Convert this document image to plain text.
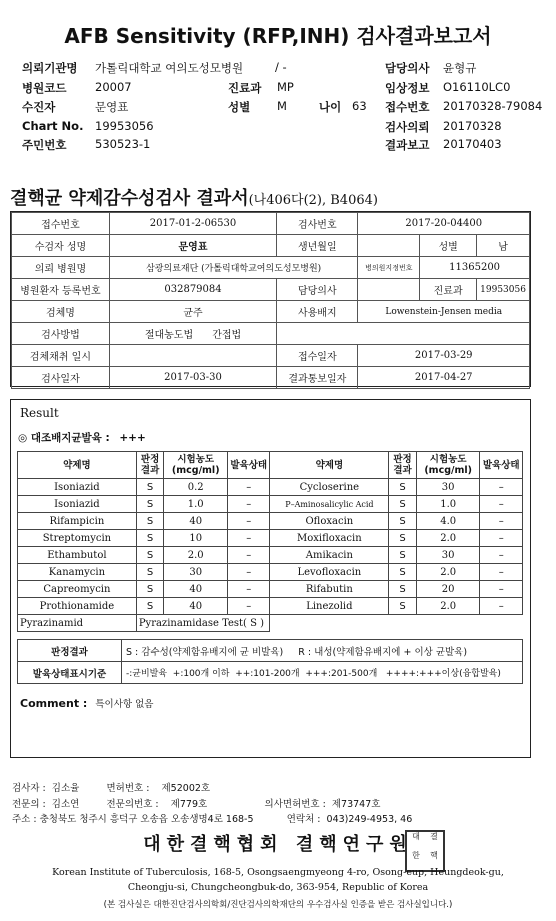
AFB Sensitivity (RFP,INH) 검사결과보고서
의뢰기관명 가톨릭대학교 여의도성모병원	/ -	담당의사 윤형규
병원코드 20007	진료과 MP	임상정보 O16110LC0
수진자	문영표	성별 M	나이 63 접수번호 20170328-79084
Chart No. 19953056	검사의뢰 20170328
주민번호 530523-1	결과보고 20170403
결핵균 약제감수성검사 결과서(나406다(2), B4064)
접수번호	2017-01-2-06530	검사번호	2017-20-04400		
수검자 성명	문영표	생년월일		성별	남
의뢰 병원명	삼광의료재단 (가톨릭대학교여의도성모병원)		병의원지정번호	11365200	
병원환자 등록번호	032879084	담당의사		진료과	19953056
검체명	균주	사용배지	Lowenstein-Jensen media		
검사방법	절대농도법 간접법				
검체채취 일시		접수일자	2017-03-29		
검사일자	2017-03-30	결과통보일자	2017-04-27		
Result
◎ 대조배지균발육 : +++
약제명	판정결과	시험농도 (mcg/ml)	발육상태	약제명	판정결과	시험농도 (mcg/ml)	발육상태
Isoniazid	S	0.2	–	Cycloserine	S	30	–
Isoniazid	S	1.0	–	P–Aminosalicylic Acid	S	1.0	–
Rifampicin	S	40	–	Ofloxacin	S	4.0	–
Streptomycin	S	10	–	Moxifloxacin	S	2.0	–
Ethambutol	S	2.0	–	Amikacin	S	30	–
Kanamycin	S	30	–	Levofloxacin	S	2.0	–
Capreomycin	S	40	–	Rifabutin	S	20	–
Prothionamide	S	40	–	Linezolid	S	2.0	–
Pyrazinamid	Pyrazinamidase Test( S )						
판정결과	S : 감수성(약제함유배지에 균 비발육)     R : 내성(약제함유배지에 + 이상 균발육)
발육상태표시기준	-:균비발육  +:100개 이하  ++:101-200개  +++:201-500개   ++++:+++이상(융합발육)
Comment : 특이사항 없음
검사자 :  김소율         면허번호 :    제52002호
전문의 :  김소연         전문의번호 :    제779호                   의사면허번호 :  제73747호
주소 : 충청북도 청주시 흥덕구 오송읍 오송생명4로 168-5           연락처 :  043)249-4953, 46
대한결핵협회 결핵연구원 대	결
한	핵
Korean Institute of Tuberculosis, 168-5, Osongsaengmyeong 4-ro, Osong-eup, Heungdeok-gu,
Cheongju-si, Chungcheongbuk-do, 363-954, Republic of Korea
(본 검사실은 대한진단검사의학회/진단검사의학재단의 우수검사실 인증을 받은 검사실입니다.)
